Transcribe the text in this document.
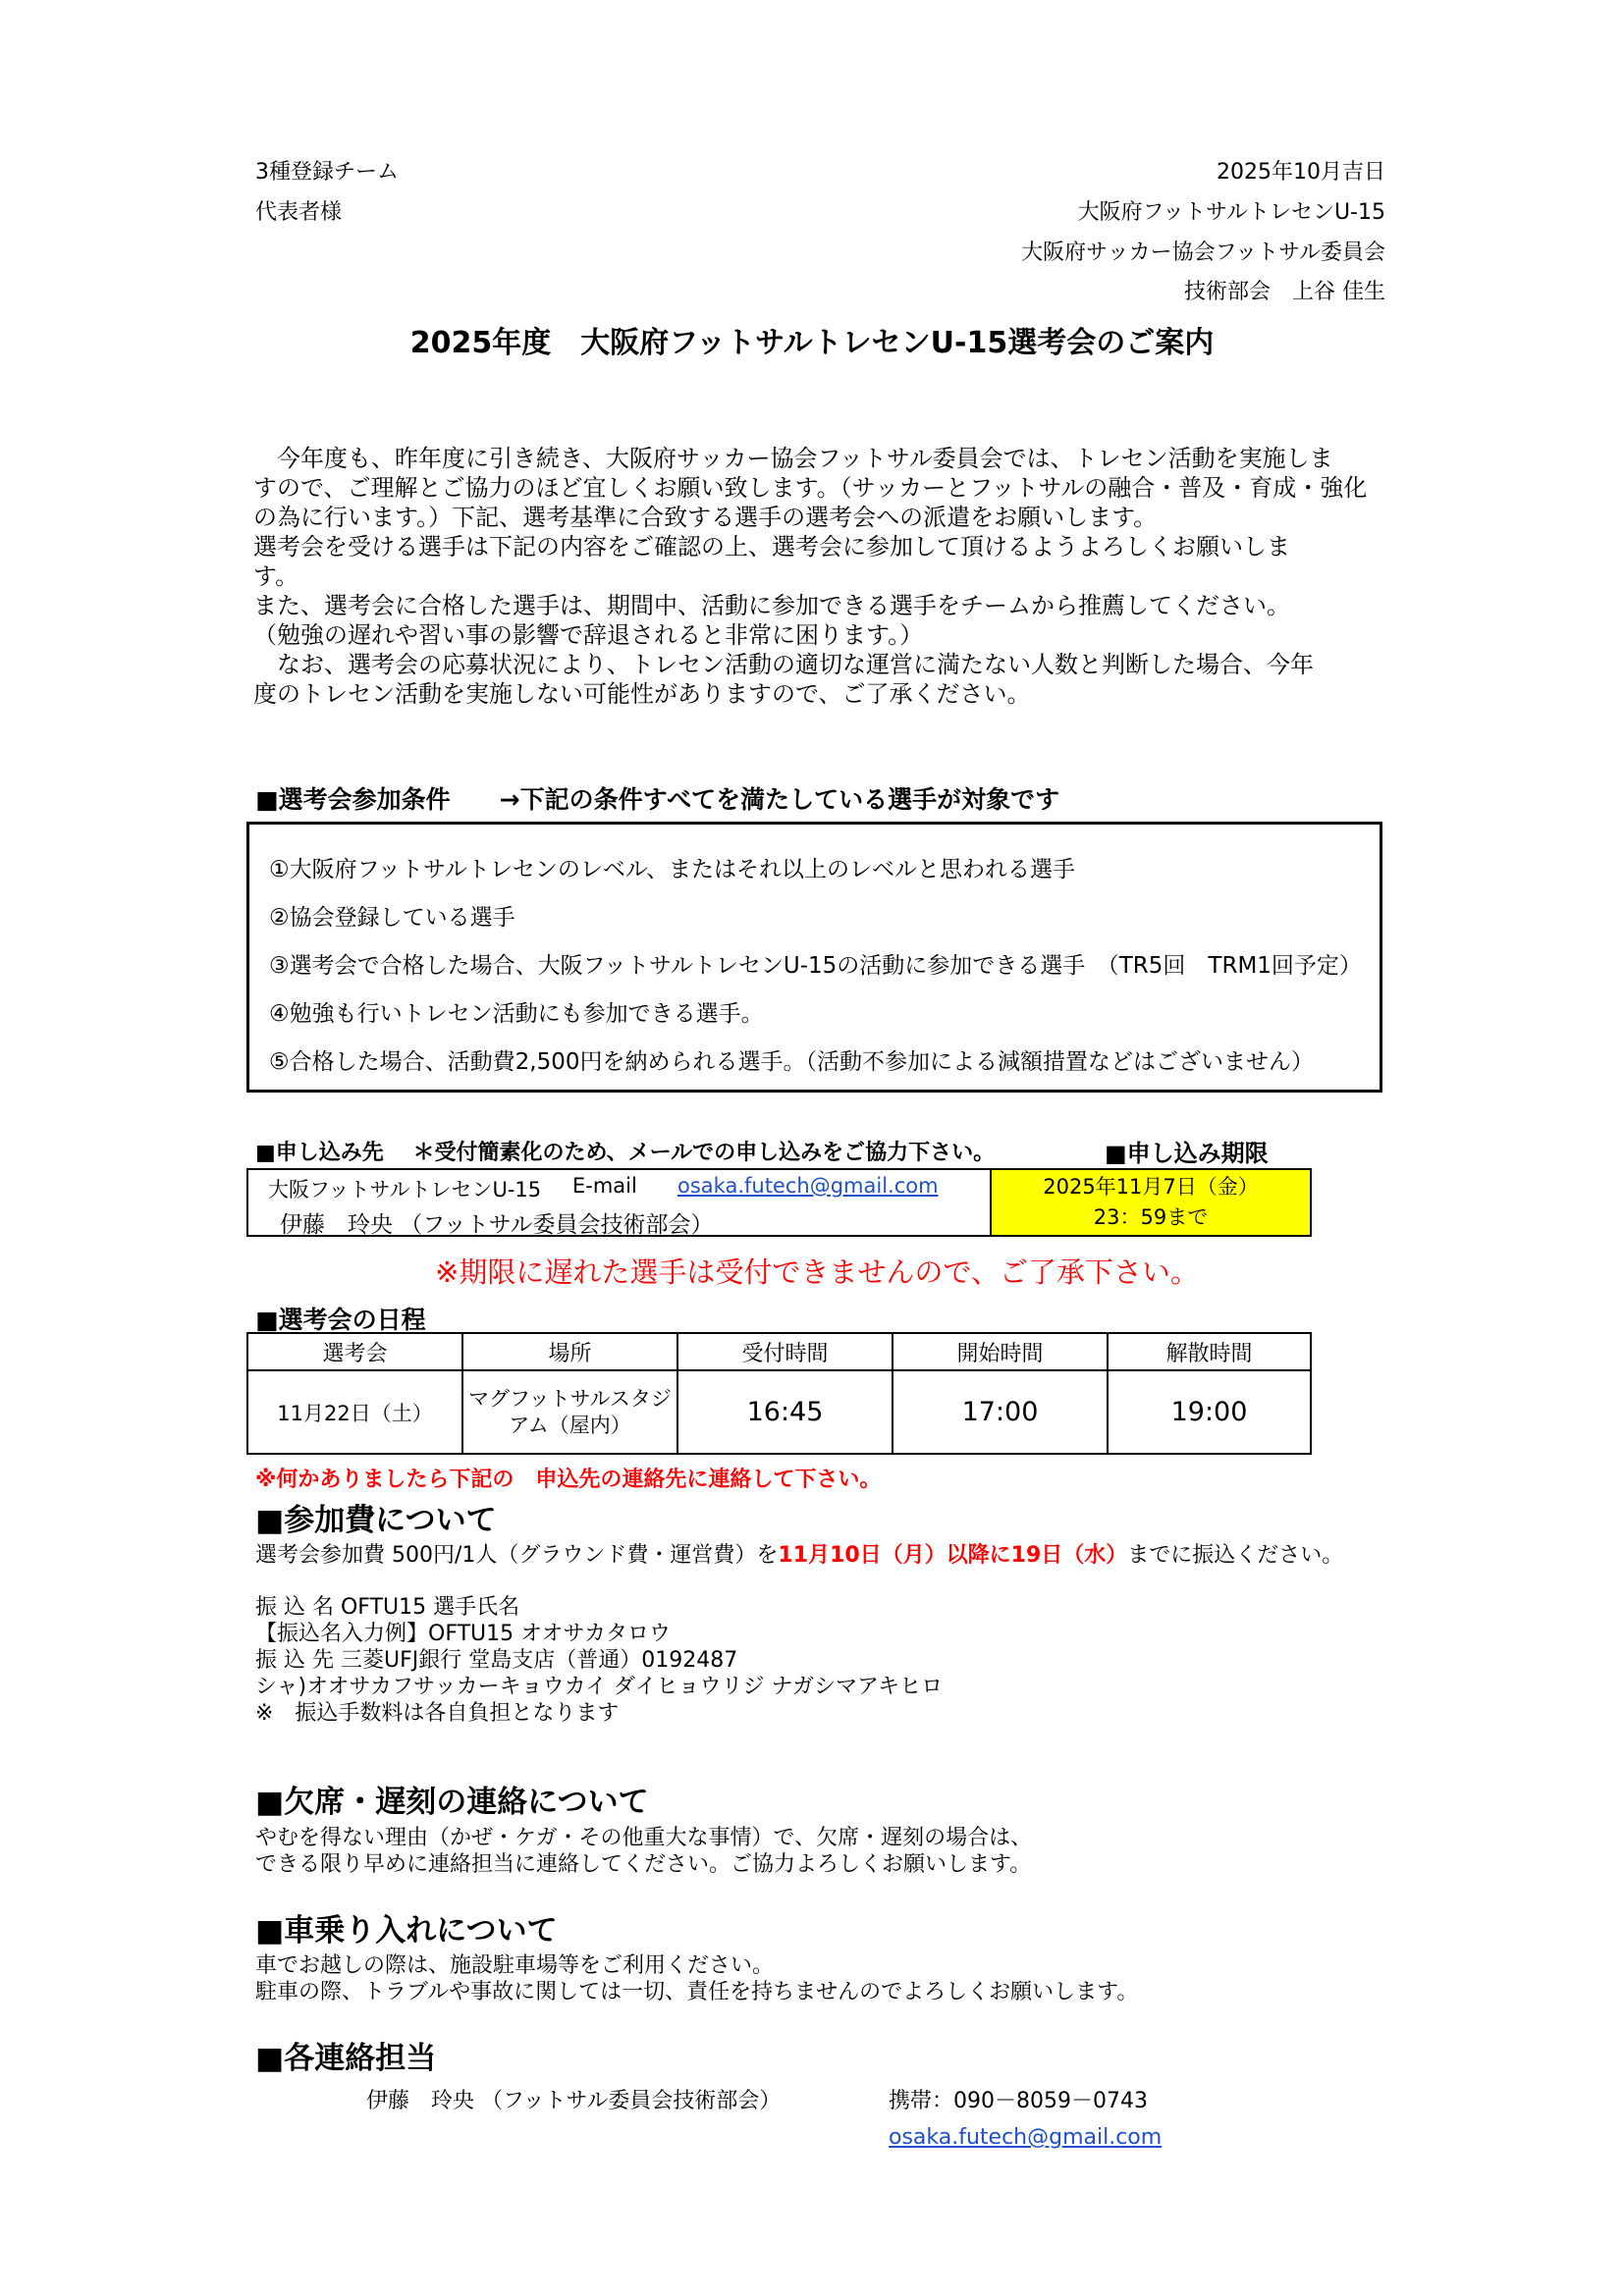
3種登録チーム
代表者様
2025年10月吉日
大阪府フットサルトレセンU-15
大阪府サッカー協会フットサル委員会
技術部会　上谷 佳生
2025年度　大阪府フットサルトレセンU-15選考会のご案内

　今年度も、昨年度に引き続き、大阪府サッカー協会フットサル委員会では、トレセン活動を実施しま

すので、ご理解とご協力のほど宜しくお願い致します。（サッカーとフットサルの融合・普及・育成・強化

の為に行います。）下記、選考基準に合致する選手の選考会への派遣をお願いします。

選考会を受ける選手は下記の内容をご確認の上、選考会に参加して頂けるようよろしくお願いしま

す。

また、選考会に合格した選手は、期間中、活動に参加できる選手をチームから推薦してください。

（勉強の遅れや習い事の影響で辞退されると非常に困ります。）

　なお、選考会の応募状況により、トレセン活動の適切な運営に満たない人数と判断した場合、今年

度のトレセン活動を実施しない可能性がありますので、ご了承ください。

■選考会参加条件　　→下記の条件すべてを満たしている選手が対象です
①大阪府フットサルトレセンのレベル、またはそれ以上のレベルと思われる選手
②協会登録している選手
③選考会で合格した場合、大阪フットサルトレセンU-15の活動に参加できる選手　（TR5回　TRM1回予定）
④勉強も行いトレセン活動にも参加できる選手。
⑤合格した場合、活動費2,500円を納められる選手。（活動不参加による減額措置などはございません）
■申し込み先　 ＊受付簡素化のため、メールでの申し込みをご協力下さい。	■申し込み期限
大阪フットサルトレセンU-15 E-mail osaka.futech@gmail.com
伊藤　玲央 （フットサル委員会技術部会）

2025年11月7日（金）
23：59まで
※期限に遅れた選手は受付できませんので、ご了承下さい。
■選考会の日程
選考会	場所	受付時間	開始時間	解散時間
11月22日（土）	マグフットサルスタジ
アム（屋内）	16:45	17:00	19:00
※何かありましたら下記の　申込先の連絡先に連絡して下さい。
■参加費について
選考会参加費 500円/1人（グラウンド費・運営費）を11月10日（月）以降に19日（水）までに振込ください。
振 込 名 OFTU15 選手氏名
【振込名入力例】OFTU15 オオサカタロウ
振 込 先 三菱UFJ銀行 堂島支店（普通）0192487
シャ)オオサカフサッカーキョウカイ ダイヒョウリジ ナガシマアキヒロ
※　振込手数料は各自負担となります
■欠席・遅刻の連絡について
やむを得ない理由（かぜ・ケガ・その他重大な事情）で、欠席・遅刻の場合は、
できる限り早めに連絡担当に連絡してください。ご協力よろしくお願いします。
■車乗り入れについて
車でお越しの際は、施設駐車場等をご利用ください。
駐車の際、トラブルや事故に関しては一切、責任を持ちませんのでよろしくお願いします。
■各連絡担当
伊藤　玲央 （フットサル委員会技術部会）	携帯：090－8059－0743
osaka.futech@gmail.com
